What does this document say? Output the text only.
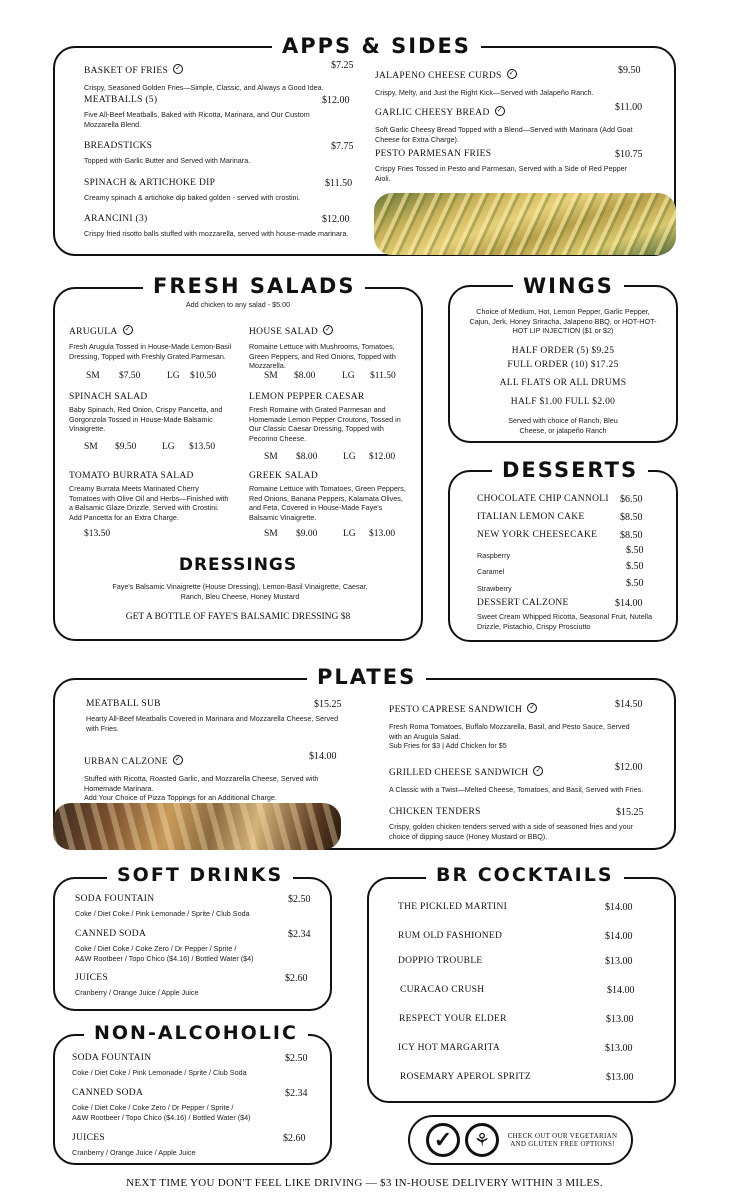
APPS & SIDES
BASKET OF FRIES ✓	$7.25
Crispy, Seasoned Golden Fries—Simple, Classic, and Always a Good Idea.
MEATBALLS (5)	$12.00
Five All-Beef Meatballs, Baked with Ricotta, Marinara, and Our Custom Mozzarella Blend.
BREADSTICKS	$7.75
Topped with Garlic Butter and Served with Marinara.
SPINACH & ARTICHOKE DIP	$11.50
Creamy spinach & artichoke dip baked golden - served with crostini.
ARANCINI (3)	$12.00
Crispy fried risotto balls stuffed with mozzarella, served with house-made marinara.
JALAPENO CHEESE CURDS ✓	$9.50
Crispy, Melty, and Just the Right Kick—Served with Jalapeño Ranch.
GARLIC CHEESY BREAD ✓	$11.00
Soft Garlic Cheesy Bread Topped with a Blend—Served with Marinara (Add Goat Cheese for Extra Charge).
PESTO PARMESAN FRIES	$10.75
Crispy Fries Tossed in Pesto and Parmesan, Served with a Side of Red Pepper Aioli.
FRESH SALADS
Add chicken to any salad - $5.00
ARUGULA ✓
Fresh Arugula Tossed in House-Made Lemon-Basil Dressing, Topped with Freshly Grated Parmesan.
SM $7.50	LG $10.50
HOUSE SALAD ✓
Romaine Lettuce with Mushrooms, Tomatoes, Green Peppers, and Red Onions, Topped with Mozzarella.
SM $8.00	LG $11.50
SPINACH SALAD
Baby Spinach, Red Onion, Crispy Pancetta, and Gorgonzola Tossed in House-Made Balsamic Vinaigrette.
SM $9.50	LG $13.50
LEMON PEPPER CAESAR
Fresh Romaine with Grated Parmesan and Homemade Lemon Pepper Croutons, Tossed in Our Classic Caesar Dressing, Topped with Pecorino Cheese.
SM $8.00	LG $12.00
TOMATO BURRATA SALAD
Creamy Burrata Meets Marinated Cherry Tomatoes with Olive Oil and Herbs—Finished with a Balsamic Glaze Drizzle. Served with Crostini. Add Pancetta for an Extra Charge.
$13.50
GREEK SALAD
Romaine Lettuce with Tomatoes, Green Peppers, Red Onions, Banana Peppers, Kalamata Olives, and Feta, Covered in House-Made Faye's Balsamic Vinaigrette.
SM $9.00	LG $13.00
DRESSINGS
Faye's Balsamic Vinaigrette (House Dressing), Lemon-Basil Vinaigrette, Caesar, Ranch, Bleu Cheese, Honey Mustard
GET A BOTTLE OF FAYE'S BALSAMIC DRESSING $8
WINGS
Choice of Medium, Hot, Lemon Pepper, Garlic Pepper, Cajun, Jerk, Honey Sriracha, Jalapeno BBQ, or HOT-HOT-HOT LIP INJECTION ($1 or $2)
HALF ORDER (5) $9.25
FULL ORDER (10) $17.25
ALL FLATS OR ALL DRUMS
HALF $1.00 FULL $2.00
Served with choice of Ranch, Bleu Cheese, or jalapeño Ranch
DESSERTS
CHOCOLATE CHIP CANNOLI	$6.50
ITALIAN LEMON CAKE	$8.50
NEW YORK CHEESECAKE	$8.50
Raspberry	$.50
Caramel	$.50
Strawberry	$.50
DESSERT CALZONE	$14.00
Sweet Cream Whipped Ricotta, Seasonal Fruit, Nutella Drizzle, Pistachio, Crispy Prosciutto
PLATES
MEATBALL SUB	$15.25
Hearty All-Beef Meatballs Covered in Marinara and Mozzarella Cheese, Served with Fries.
URBAN CALZONE ✓	$14.00
Stuffed with Ricotta, Roasted Garlic, and Mozzarella Cheese, Served with Homemade Marinara.
Add Your Choice of Pizza Toppings for an Additional Charge.
PESTO CAPRESE SANDWICH ✓	$14.50
Fresh Roma Tomatoes, Buffalo Mozzarella, Basil, and Pesto Sauce, Served with an Arugula Salad.
Sub Fries for $3 | Add Chicken for $5
GRILLED CHEESE SANDWICH ✓	$12.00
A Classic with a Twist—Melted Cheese, Tomatoes, and Basil, Served with Fries.
CHICKEN TENDERS	$15.25
Crispy, golden chicken tenders served with a side of seasoned fries and your choice of dipping sauce (Honey Mustard or BBQ).
SOFT DRINKS
SODA FOUNTAIN	$2.50
Coke / Diet Coke / Pink Lemonade / Sprite / Club Soda
CANNED SODA	$2.34
Coke / Diet Coke / Coke Zero / Dr Pepper / Sprite /
A&W Rootbeer / Topo Chico ($4.16) / Bottled Water ($4)
JUICES	$2.60
Cranberry / Orange Juice / Apple Juice
NON-ALCOHOLIC
SODA FOUNTAIN	$2.50
Coke / Diet Coke / Pink Lemonade / Sprite / Club Soda
CANNED SODA	$2.34
Coke / Diet Coke / Coke Zero / Dr Pepper / Sprite /
A&W Rootbeer / Topo Chico ($4.16) / Bottled Water ($4)
JUICES	$2.60
Cranberry / Orange Juice / Apple Juice
BR COCKTAILS
THE PICKLED MARTINI	$14.00
RUM OLD FASHIONED	$14.00
DOPPIO TROUBLE	$13.00
CURACAO CRUSH	$14.00
RESPECT YOUR ELDER	$13.00
ICY HOT MARGARITA	$13.00
ROSEMARY APEROL SPRITZ	$13.00
✓	⚘	CHECK OUT OUR VEGETARIAN
AND GLUTEN FREE OPTIONS!
NEXT TIME YOU DON'T FEEL LIKE DRIVING — $3 IN-HOUSE DELIVERY WITHIN 3 MILES.
